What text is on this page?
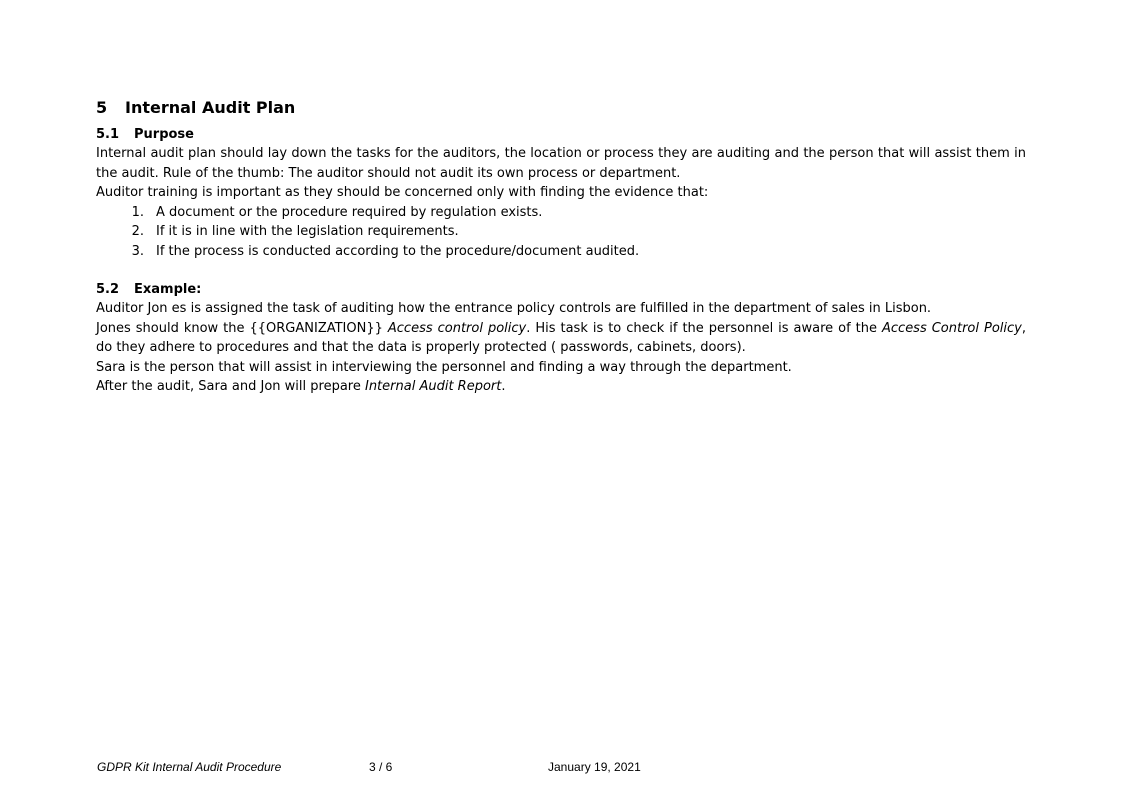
5	Internal Audit Plan
5.1	Purpose

Internal audit plan should lay down the tasks for the auditors, the location or process they are auditing and the person that will assist them in the audit. Rule of the thumb: The auditor should not audit its own process or department.

Auditor training is important as they should be concerned only with finding the evidence that:

1. A document or the procedure required by regulation exists.
2. If it is in line with the legislation requirements.
3. If the process is conducted according to the procedure/document audited.
5.2	Example:

Auditor Jon es is assigned the task of auditing how the entrance policy controls are fulfilled in the department of sales in Lisbon.

Jones should know the {{ORGANIZATION}} Access control policy. His task is to check if the personnel is aware of the Access Control Policy, do they adhere to procedures and that the data is properly protected ( passwords, cabinets, doors).

Sara is the person that will assist in interviewing the personnel and finding a way through the department.

After the audit, Sara and Jon will prepare Internal Audit Report.

GDPR Kit Internal Audit Procedure	3 / 6	January 19, 2021
